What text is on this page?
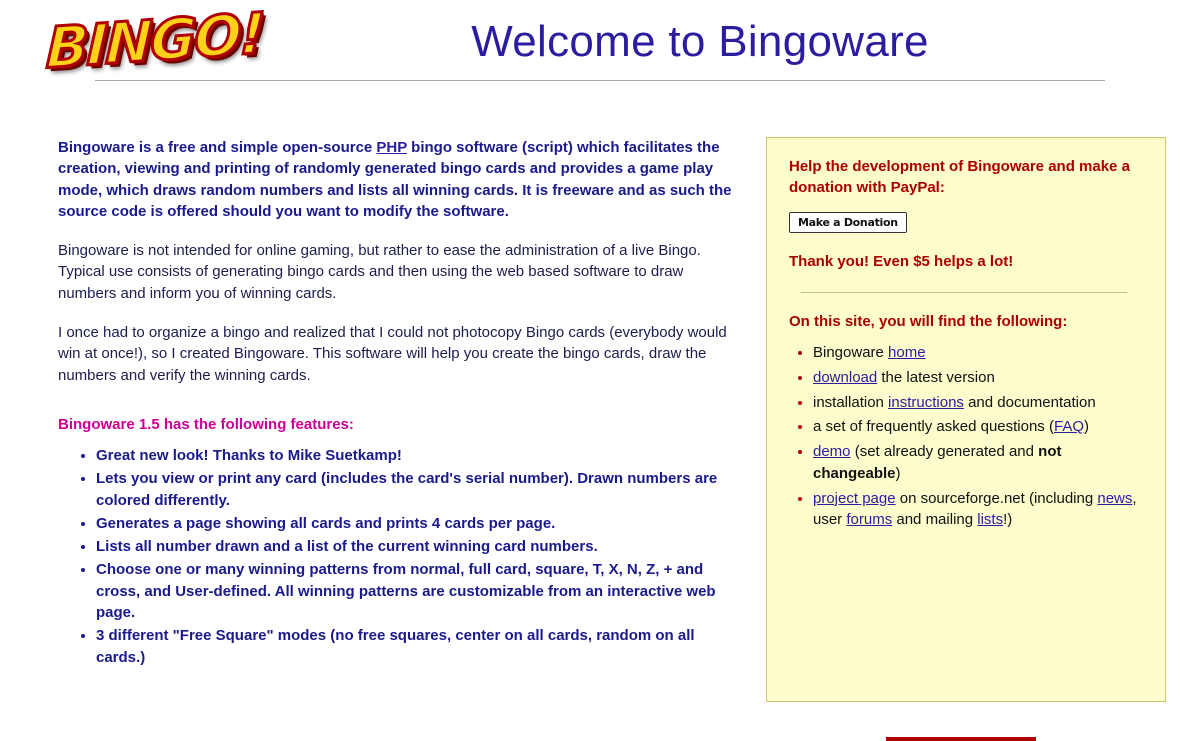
BINGO!	Welcome to Bingoware

Bingoware is a free and simple open-source PHP bingo software (script) which facilitates the creation, viewing and printing of randomly generated bingo cards and provides a game play mode, which draws random numbers and lists all winning cards. It is freeware and as such the source code is offered should you want to modify the software.

Bingoware is not intended for online gaming, but rather to ease the administration of a live Bingo. Typical use consists of generating bingo cards and then using the web based software to draw numbers and inform you of winning cards.

I once had to organize a bingo and realized that I could not photocopy Bingo cards (everybody would win at once!), so I created Bingoware. This software will help you create the bingo cards, draw the numbers and verify the winning cards.

Bingoware 1.5 has the following features:
• Great new look! Thanks to Mike Suetkamp!
• Lets you view or print any card (includes the card's serial number). Drawn numbers are colored differently.
• Generates a page showing all cards and prints 4 cards per page.
• Lists all number drawn and a list of the current winning card numbers.
• Choose one or many winning patterns from normal, full card, square, T, X, N, Z, + and cross, and User-defined. All winning patterns are customizable from an interactive web page.
• 3 different "Free Square" modes (no free squares, center on all cards, random on all cards.)
Help the development of Bingoware and make a donation with PayPal:
Make a Donation
Thank you! Even $5 helps a lot!
On this site, you will find the following:
• Bingoware home
• download the latest version
• installation instructions and documentation
• a set of frequently asked questions (FAQ)
• demo (set already generated and not changeable)
• project page on sourceforge.net (including news, user forums and mailing lists!)
